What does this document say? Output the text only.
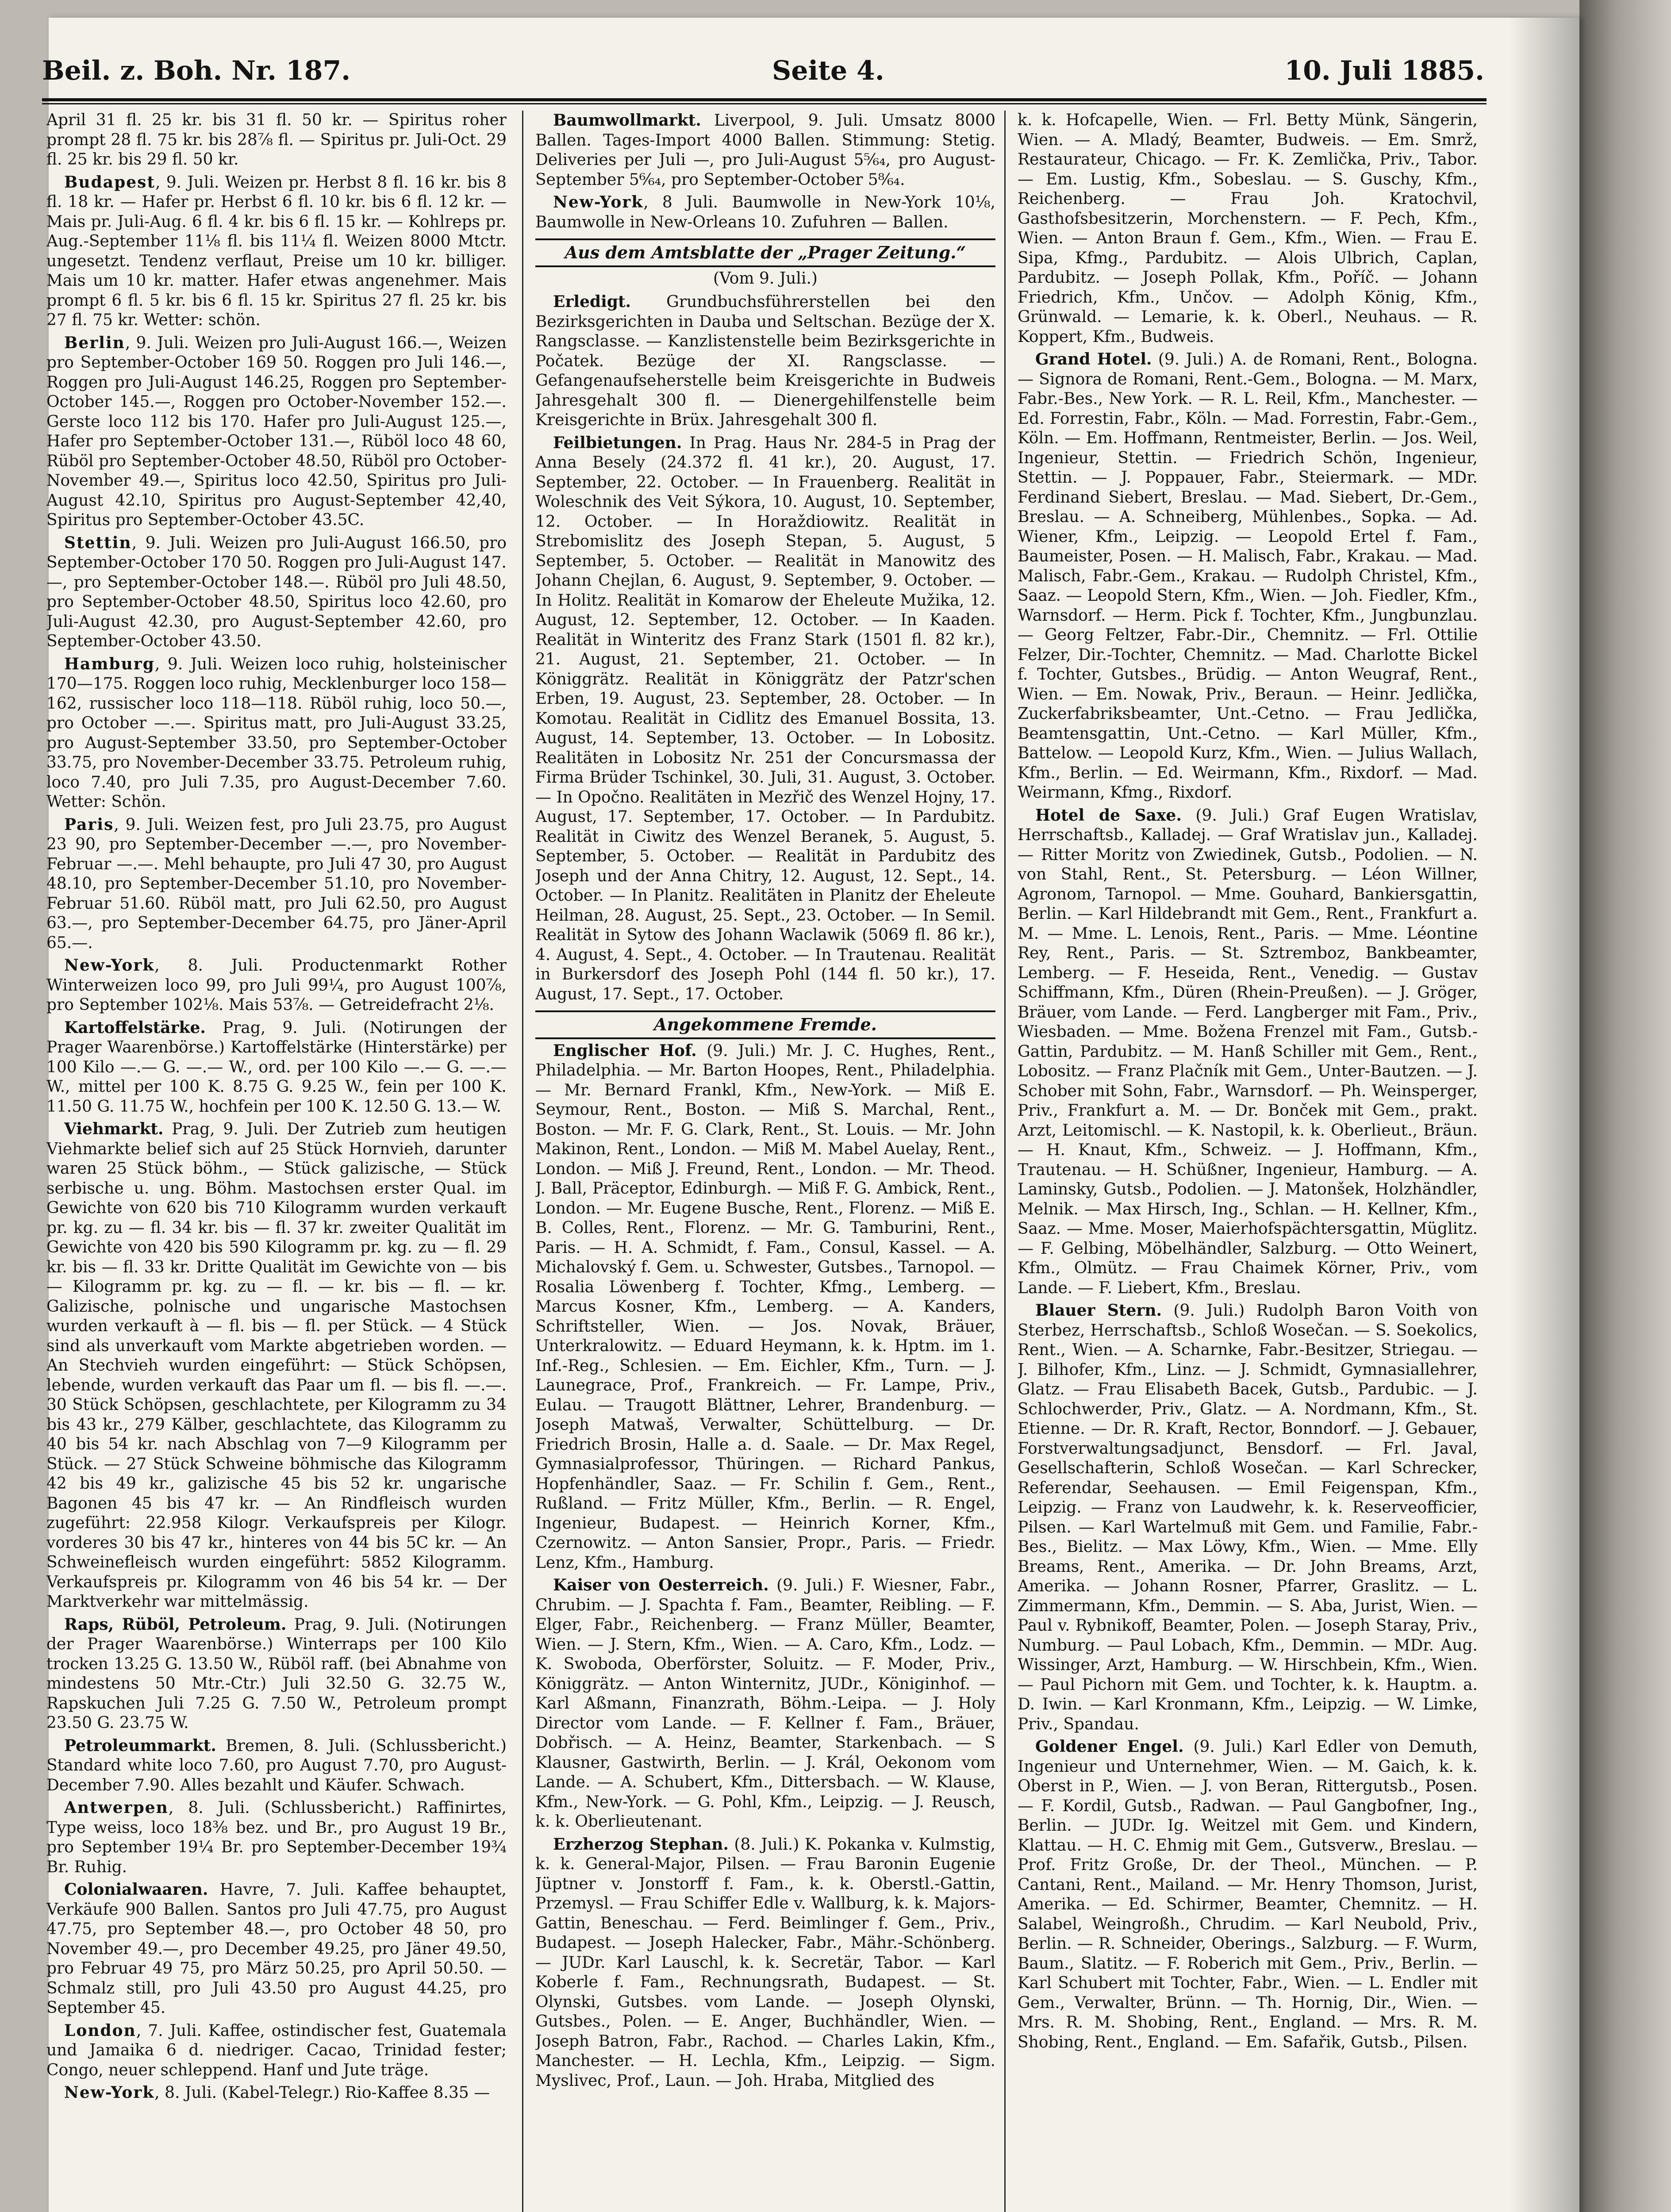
Beil. z. Boh. Nr. 187.	Seite 4.	10. Juli 1885.

April 31 fl. 25 kr. bis 31 fl. 50 kr. — Spiritus roher prompt 28 fl. 75 kr. bis 28⅞ fl. — Spiritus pr. Juli-Oct. 29 fl. 25 kr. bis 29 fl. 50 kr.

Budapest, 9. Juli. Weizen pr. Herbst 8 fl. 16 kr. bis 8 fl. 18 kr. — Hafer pr. Herbst 6 fl. 10 kr. bis 6 fl. 12 kr. — Mais pr. Juli-Aug. 6 fl. 4 kr. bis 6 fl. 15 kr. — Kohlreps pr. Aug.-September 11⅛ fl. bis 11¼ fl. Weizen 8000 Mtctr. ungesetzt. Tendenz verflaut, Preise um 10 kr. billiger. Mais um 10 kr. matter. Hafer etwas angenehmer. Mais prompt 6 fl. 5 kr. bis 6 fl. 15 kr. Spiritus 27 fl. 25 kr. bis 27 fl. 75 kr. Wetter: schön.

Berlin, 9. Juli. Weizen pro Juli-August 166.—, Weizen pro September-October 169 50. Roggen pro Juli 146.—, Roggen pro Juli-August 146.25, Roggen pro September-October 145.—, Roggen pro October-November 152.—. Gerste loco 112 bis 170. Hafer pro Juli-August 125.—, Hafer pro September-October 131.—, Rüböl loco 48 60, Rüböl pro September-October 48.50, Rüböl pro October-November 49.—, Spiritus loco 42.50, Spiritus pro Juli-August 42.10, Spiritus pro August-September 42,40, Spiritus pro September-October 43.5C.

Stettin, 9. Juli. Weizen pro Juli-August 166.50, pro September-October 170 50. Roggen pro Juli-August 147.—, pro September-October 148.—. Rüböl pro Juli 48.50, pro September-October 48.50, Spiritus loco 42.60, pro Juli-August 42.30, pro August-September 42.60, pro September-October 43.50.

Hamburg, 9. Juli. Weizen loco ruhig, holsteinischer 170—175. Roggen loco ruhig, Mecklenburger loco 158—162, russischer loco 118—118. Rüböl ruhig, loco 50.—, pro October —.—. Spiritus matt, pro Juli-August 33.25, pro August-September 33.50, pro September-October 33.75, pro November-December 33.75. Petroleum ruhig, loco 7.40, pro Juli 7.35, pro August-December 7.60. Wetter: Schön.

Paris, 9. Juli. Weizen fest, pro Juli 23.75, pro August 23 90, pro September-December —.—, pro November-Februar —.—. Mehl behaupte, pro Juli 47 30, pro August 48.10, pro September-December 51.10, pro November-Februar 51.60. Rüböl matt, pro Juli 62.50, pro August 63.—, pro September-December 64.75, pro Jäner-April 65.—.

New-York, 8. Juli. Productenmarkt Rother Winterweizen loco 99, pro Juli 99¼, pro August 100⅞, pro September 102⅛. Mais 53⅞. — Getreidefracht 2⅛.

Kartoffelstärke. Prag, 9. Juli. (Notirungen der Prager Waarenbörse.) Kartoffelstärke (Hinterstärke) per 100 Kilo —.— G. —.— W., ord. per 100 Kilo —.— G. —.— W., mittel per 100 K. 8.75 G. 9.25 W., fein per 100 K. 11.50 G. 11.75 W., hochfein per 100 K. 12.50 G. 13.— W.

Viehmarkt. Prag, 9. Juli. Der Zutrieb zum heutigen Viehmarkte belief sich auf 25 Stück Hornvieh, darunter waren 25 Stück böhm., — Stück galizische, — Stück serbische u. ung. Böhm. Mastochsen erster Qual. im Gewichte von 620 bis 710 Kilogramm wurden verkauft pr. kg. zu — fl. 34 kr. bis — fl. 37 kr. zweiter Qualität im Gewichte von 420 bis 590 Kilogramm pr. kg. zu — fl. 29 kr. bis — fl. 33 kr. Dritte Qualität im Gewichte von — bis — Kilogramm pr. kg. zu — fl. — kr. bis — fl. — kr. Galizische, polnische und ungarische Mastochsen wurden verkauft à — fl. bis — fl. per Stück. — 4 Stück sind als unverkauft vom Markte abgetrieben worden. — An Stechvieh wurden eingeführt: — Stück Schöpsen, lebende, wurden verkauft das Paar um fl. — bis fl. —.—. 30 Stück Schöpsen, geschlachtete, per Kilogramm zu 34 bis 43 kr., 279 Kälber, geschlachtete, das Kilogramm zu 40 bis 54 kr. nach Abschlag von 7—9 Kilogramm per Stück. — 27 Stück Schweine böhmische das Kilogramm 42 bis 49 kr., galizische 45 bis 52 kr. ungarische Bagonen 45 bis 47 kr. — An Rindfleisch wurden zugeführt: 22.958 Kilogr. Verkaufspreis per Kilogr. vorderes 30 bis 47 kr., hinteres von 44 bis 5C kr. — An Schweinefleisch wurden eingeführt: 5852 Kilogramm. Verkaufspreis pr. Kilogramm von 46 bis 54 kr. — Der Marktverkehr war mittelmässig.

Raps, Rüböl, Petroleum. Prag, 9. Juli. (Notirungen der Prager Waarenbörse.) Winterraps per 100 Kilo trocken 13.25 G. 13.50 W., Rüböl raff. (bei Abnahme von mindestens 50 Mtr.-Ctr.) Juli 32.50 G. 32.75 W., Rapskuchen Juli 7.25 G. 7.50 W., Petroleum prompt 23.50 G. 23.75 W.

Petroleummarkt. Bremen, 8. Juli. (Schlussbericht.) Standard white loco 7.60, pro August 7.70, pro August-December 7.90. Alles bezahlt und Käufer. Schwach.

Antwerpen, 8. Juli. (Schlussbericht.) Raffinirtes, Type weiss, loco 18⅜ bez. und Br., pro August 19 Br., pro September 19¼ Br. pro September-December 19¾ Br. Ruhig.

Colonialwaaren. Havre, 7. Juli. Kaffee behauptet, Verkäufe 900 Ballen. Santos pro Juli 47.75, pro August 47.75, pro September 48.—, pro October 48 50, pro November 49.—, pro December 49.25, pro Jäner 49.50, pro Februar 49 75, pro März 50.25, pro April 50.50. — Schmalz still, pro Juli 43.50 pro August 44.25, pro September 45.

London, 7. Juli. Kaffee, ostindischer fest, Guatemala und Jamaika 6 d. niedriger. Cacao, Trinidad fester; Congo, neuer schleppend. Hanf und Jute träge.

New-York, 8. Juli. (Kabel-Telegr.) Rio-Kaffee 8.35 —

Baumwollmarkt. Liverpool, 9. Juli. Umsatz 8000 Ballen. Tages-Import 4000 Ballen. Stimmung: Stetig. Deliveries per Juli —, pro Juli-August 5⁵⁄₆₄, pro August-September 5⁶⁄₆₄, pro September-October 5⁸⁄₆₄.

New-York, 8 Juli. Baumwolle in New-York 10⅛, Baumwolle in New-Orleans 10. Zufuhren — Ballen.

Aus dem Amtsblatte der „Prager Zeitung.“
(Vom 9. Juli.)

Erledigt. Grundbuchsführerstellen bei den Bezirksgerichten in Dauba und Seltschan. Bezüge der X. Rangsclasse. — Kanzlistenstelle beim Bezirksgerichte in Počatek. Bezüge der XI. Rangsclasse. — Gefangenaufseherstelle beim Kreisgerichte in Budweis Jahresgehalt 300 fl. — Dienergehilfenstelle beim Kreisgerichte in Brüx. Jahresgehalt 300 fl.

Feilbietungen. In Prag. Haus Nr. 284-5 in Prag der Anna Besely (24.372 fl. 41 kr.), 20. August, 17. September, 22. October. — In Frauenberg. Realität in Woleschnik des Veit Sýkora, 10. August, 10. September, 12. October. — In Horaždiowitz. Realität in Strebomislitz des Joseph Stepan, 5. August, 5 September, 5. October. — Realität in Manowitz des Johann Chejlan, 6. August, 9. September, 9. October. — In Holitz. Realität in Komarow der Eheleute Mužika, 12. August, 12. September, 12. October. — In Kaaden. Realität in Winteritz des Franz Stark (1501 fl. 82 kr.), 21. August, 21. September, 21. October. — In Königgrätz. Realität in Königgrätz der Patzr'schen Erben, 19. August, 23. September, 28. October. — In Komotau. Realität in Cidlitz des Emanuel Bossita, 13. August, 14. September, 13. October. — In Lobositz. Realitäten in Lobositz Nr. 251 der Concursmassa der Firma Brüder Tschinkel, 30. Juli, 31. August, 3. October. — In Opočno. Realitäten in Mezřič des Wenzel Hojny, 17. August, 17. September, 17. October. — In Pardubitz. Realität in Ciwitz des Wenzel Beranek, 5. August, 5. September, 5. October. — Realität in Pardubitz des Joseph und der Anna Chitry, 12. August, 12. Sept., 14. October. — In Planitz. Realitäten in Planitz der Eheleute Heilman, 28. August, 25. Sept., 23. October. — In Semil. Realität in Sytow des Johann Waclawik (5069 fl. 86 kr.), 4. August, 4. Sept., 4. October. — In Trautenau. Realität in Burkersdorf des Joseph Pohl (144 fl. 50 kr.), 17. August, 17. Sept., 17. October.

Angekommene Fremde.

Englischer Hof. (9. Juli.) Mr. J. C. Hughes, Rent., Philadelphia. — Mr. Barton Hoopes, Rent., Philadelphia. — Mr. Bernard Frankl, Kfm., New-York. — Miß E. Seymour, Rent., Boston. — Miß S. Marchal, Rent., Boston. — Mr. F. G. Clark, Rent., St. Louis. — Mr. John Makinon, Rent., London. — Miß M. Mabel Auelay, Rent., London. — Miß J. Freund, Rent., London. — Mr. Theod. J. Ball, Präceptor, Edinburgh. — Miß F. G. Ambick, Rent., London. — Mr. Eugene Busche, Rent., Florenz. — Miß E. B. Colles, Rent., Florenz. — Mr. G. Tamburini, Rent., Paris. — H. A. Schmidt, f. Fam., Consul, Kassel. — A. Michalovský f. Gem. u. Schwester, Gutsbes., Tarnopol. — Rosalia Löwenberg f. Tochter, Kfmg., Lemberg. — Marcus Kosner, Kfm., Lemberg. — A. Kanders, Schriftsteller, Wien. — Jos. Novak, Bräuer, Unterkralowitz. — Eduard Heymann, k. k. Hptm. im 1. Inf.-Reg., Schlesien. — Em. Eichler, Kfm., Turn. — J. Launegrace, Prof., Frankreich. — Fr. Lampe, Priv., Eulau. — Traugott Blättner, Lehrer, Brandenburg. — Joseph Matwaš, Verwalter, Schüttelburg. — Dr. Friedrich Brosin, Halle a. d. Saale. — Dr. Max Regel, Gymnasialprofessor, Thüringen. — Richard Pankus, Hopfenhändler, Saaz. — Fr. Schilin f. Gem., Rent., Rußland. — Fritz Müller, Kfm., Berlin. — R. Engel, Ingenieur, Budapest. — Heinrich Korner, Kfm., Czernowitz. — Anton Sansier, Propr., Paris. — Friedr. Lenz, Kfm., Hamburg.

Kaiser von Oesterreich. (9. Juli.) F. Wiesner, Fabr., Chrubim. — J. Spachta f. Fam., Beamter, Reibling. — F. Elger, Fabr., Reichenberg. — Franz Müller, Beamter, Wien. — J. Stern, Kfm., Wien. — A. Caro, Kfm., Lodz. — K. Swoboda, Oberförster, Soluitz. — F. Moder, Priv., Königgrätz. — Anton Winternitz, JUDr., Königinhof. — Karl Aßmann, Finanzrath, Böhm.-Leipa. — J. Holy Director vom Lande. — F. Kellner f. Fam., Bräuer, Dobřisch. — A. Heinz, Beamter, Starkenbach. — S Klausner, Gastwirth, Berlin. — J. Král, Oekonom vom Lande. — A. Schubert, Kfm., Dittersbach. — W. Klause, Kfm., New-York. — G. Pohl, Kfm., Leipzig. — J. Reusch, k. k. Oberlieutenant.

Erzherzog Stephan. (8. Juli.) K. Pokanka v. Kulmstig, k. k. General-Major, Pilsen. — Frau Baronin Eugenie Jüptner v. Jonstorff f. Fam., k. k. Oberstl.-Gattin, Przemysl. — Frau Schiffer Edle v. Wallburg, k. k. Majors-Gattin, Beneschau. — Ferd. Beimlinger f. Gem., Priv., Budapest. — Joseph Halecker, Fabr., Mähr.-Schönberg. — JUDr. Karl Lauschl, k. k. Secretär, Tabor. — Karl Koberle f. Fam., Rechnungsrath, Budapest. — St. Olynski, Gutsbes. vom Lande. — Joseph Olynski, Gutsbes., Polen. — E. Anger, Buchhändler, Wien. — Joseph Batron, Fabr., Rachod. — Charles Lakin, Kfm., Manchester. — H. Lechla, Kfm., Leipzig. — Sigm. Myslivec, Prof., Laun. — Joh. Hraba, Mitglied des

k. k. Hofcapelle, Wien. — Frl. Betty Münk, Sängerin, Wien. — A. Mladý, Beamter, Budweis. — Em. Smrž, Restaurateur, Chicago. — Fr. K. Zemlička, Priv., Tabor. — Em. Lustig, Kfm., Sobeslau. — S. Guschy, Kfm., Reichenberg. — Frau Joh. Kratochvil, Gasthofsbesitzerin, Morchenstern. — F. Pech, Kfm., Wien. — Anton Braun f. Gem., Kfm., Wien. — Frau E. Sipa, Kfmg., Pardubitz. — Alois Ulbrich, Caplan, Pardubitz. — Joseph Pollak, Kfm., Poříč. — Johann Friedrich, Kfm., Unčov. — Adolph König, Kfm., Grünwald. — Lemarie, k. k. Oberl., Neuhaus. — R. Koppert, Kfm., Budweis.

Grand Hotel. (9. Juli.) A. de Romani, Rent., Bologna. — Signora de Romani, Rent.-Gem., Bologna. — M. Marx, Fabr.-Bes., New York. — R. L. Reil, Kfm., Manchester. — Ed. Forrestin, Fabr., Köln. — Mad. Forrestin, Fabr.-Gem., Köln. — Em. Hoffmann, Rentmeister, Berlin. — Jos. Weil, Ingenieur, Stettin. — Friedrich Schön, Ingenieur, Stettin. — J. Poppauer, Fabr., Steiermark. — MDr. Ferdinand Siebert, Breslau. — Mad. Siebert, Dr.-Gem., Breslau. — A. Schneiberg, Mühlenbes., Sopka. — Ad. Wiener, Kfm., Leipzig. — Leopold Ertel f. Fam., Baumeister, Posen. — H. Malisch, Fabr., Krakau. — Mad. Malisch, Fabr.-Gem., Krakau. — Rudolph Christel, Kfm., Saaz. — Leopold Stern, Kfm., Wien. — Joh. Fiedler, Kfm., Warnsdorf. — Herm. Pick f. Tochter, Kfm., Jungbunzlau. — Georg Feltzer, Fabr.-Dir., Chemnitz. — Frl. Ottilie Felzer, Dir.-Tochter, Chemnitz. — Mad. Charlotte Bickel f. Tochter, Gutsbes., Brüdig. — Anton Weugraf, Rent., Wien. — Em. Nowak, Priv., Beraun. — Heinr. Jedlička, Zuckerfabriksbeamter, Unt.-Cetno. — Frau Jedlička, Beamtensgattin, Unt.-Cetno. — Karl Müller, Kfm., Battelow. — Leopold Kurz, Kfm., Wien. — Julius Wallach, Kfm., Berlin. — Ed. Weirmann, Kfm., Rixdorf. — Mad. Weirmann, Kfmg., Rixdorf.

Hotel de Saxe. (9. Juli.) Graf Eugen Wratislav, Herrschaftsb., Kalladej. — Graf Wratislav jun., Kalladej. — Ritter Moritz von Zwiedinek, Gutsb., Podolien. — N. von Stahl, Rent., St. Petersburg. — Léon Willner, Agronom, Tarnopol. — Mme. Gouhard, Bankiersgattin, Berlin. — Karl Hildebrandt mit Gem., Rent., Frankfurt a. M. — Mme. L. Lenois, Rent., Paris. — Mme. Léontine Rey, Rent., Paris. — St. Sztremboz, Bankbeamter, Lemberg. — F. Heseida, Rent., Venedig. — Gustav Schiffmann, Kfm., Düren (Rhein-Preußen). — J. Gröger, Bräuer, vom Lande. — Ferd. Langberger mit Fam., Priv., Wiesbaden. — Mme. Božena Frenzel mit Fam., Gutsb.-Gattin, Pardubitz. — M. Hanß Schiller mit Gem., Rent., Lobositz. — Franz Plačník mit Gem., Unter-Bautzen. — J. Schober mit Sohn, Fabr., Warnsdorf. — Ph. Weinsperger, Priv., Frankfurt a. M. — Dr. Bonček mit Gem., prakt. Arzt, Leitomischl. — K. Nastopil, k. k. Oberlieut., Bräun. — H. Knaut, Kfm., Schweiz. — J. Hoffmann, Kfm., Trautenau. — H. Schüßner, Ingenieur, Hamburg. — A. Laminsky, Gutsb., Podolien. — J. Matonšek, Holzhändler, Melnik. — Max Hirsch, Ing., Schlan. — H. Kellner, Kfm., Saaz. — Mme. Moser, Maierhofspächtersgattin, Müglitz. — F. Gelbing, Möbelhändler, Salzburg. — Otto Weinert, Kfm., Olmütz. — Frau Chaimek Körner, Priv., vom Lande. — F. Liebert, Kfm., Breslau.

Blauer Stern. (9. Juli.) Rudolph Baron Voith von Sterbez, Herrschaftsb., Schloß Wosečan. — S. Soekolics, Rent., Wien. — A. Scharnke, Fabr.-Besitzer, Striegau. — J. Bilhofer, Kfm., Linz. — J. Schmidt, Gymnasiallehrer, Glatz. — Frau Elisabeth Bacek, Gutsb., Pardubic. — J. Schlochwerder, Priv., Glatz. — A. Nordmann, Kfm., St. Etienne. — Dr. R. Kraft, Rector, Bonndorf. — J. Gebauer, Forstverwaltungsadjunct, Bensdorf. — Frl. Javal, Gesellschafterin, Schloß Wosečan. — Karl Schrecker, Referendar, Seehausen. — Emil Feigenspan, Kfm., Leipzig. — Franz von Laudwehr, k. k. Reserveofficier, Pilsen. — Karl Wartelmuß mit Gem. und Familie, Fabr.-Bes., Bielitz. — Max Löwy, Kfm., Wien. — Mme. Elly Breams, Rent., Amerika. — Dr. John Breams, Arzt, Amerika. — Johann Rosner, Pfarrer, Graslitz. — L. Zimmermann, Kfm., Demmin. — S. Aba, Jurist, Wien. — Paul v. Rybnikoff, Beamter, Polen. — Joseph Staray, Priv., Numburg. — Paul Lobach, Kfm., Demmin. — MDr. Aug. Wissinger, Arzt, Hamburg. — W. Hirschbein, Kfm., Wien. — Paul Pichorn mit Gem. und Tochter, k. k. Hauptm. a. D. Iwin. — Karl Kronmann, Kfm., Leipzig. — W. Limke, Priv., Spandau.

Goldener Engel. (9. Juli.) Karl Edler von Demuth, Ingenieur und Unternehmer, Wien. — M. Gaich, k. k. Oberst in P., Wien. — J. von Beran, Rittergutsb., Posen. — F. Kordil, Gutsb., Radwan. — Paul Gangbofner, Ing., Berlin. — JUDr. Ig. Weitzel mit Gem. und Kindern, Klattau. — H. C. Ehmig mit Gem., Gutsverw., Breslau. — Prof. Fritz Große, Dr. der Theol., München. — P. Cantani, Rent., Mailand. — Mr. Henry Thomson, Jurist, Amerika. — Ed. Schirmer, Beamter, Chemnitz. — H. Salabel, Weingroßh., Chrudim. — Karl Neubold, Priv., Berlin. — R. Schneider, Oberings., Salzburg. — F. Wurm, Baum., Slatitz. — F. Roberich mit Gem., Priv., Berlin. — Karl Schubert mit Tochter, Fabr., Wien. — L. Endler mit Gem., Verwalter, Brünn. — Th. Hornig, Dir., Wien. — Mrs. R. M. Shobing, Rent., England. — Mrs. R. M. Shobing, Rent., England. — Em. Safařik, Gutsb., Pilsen.
